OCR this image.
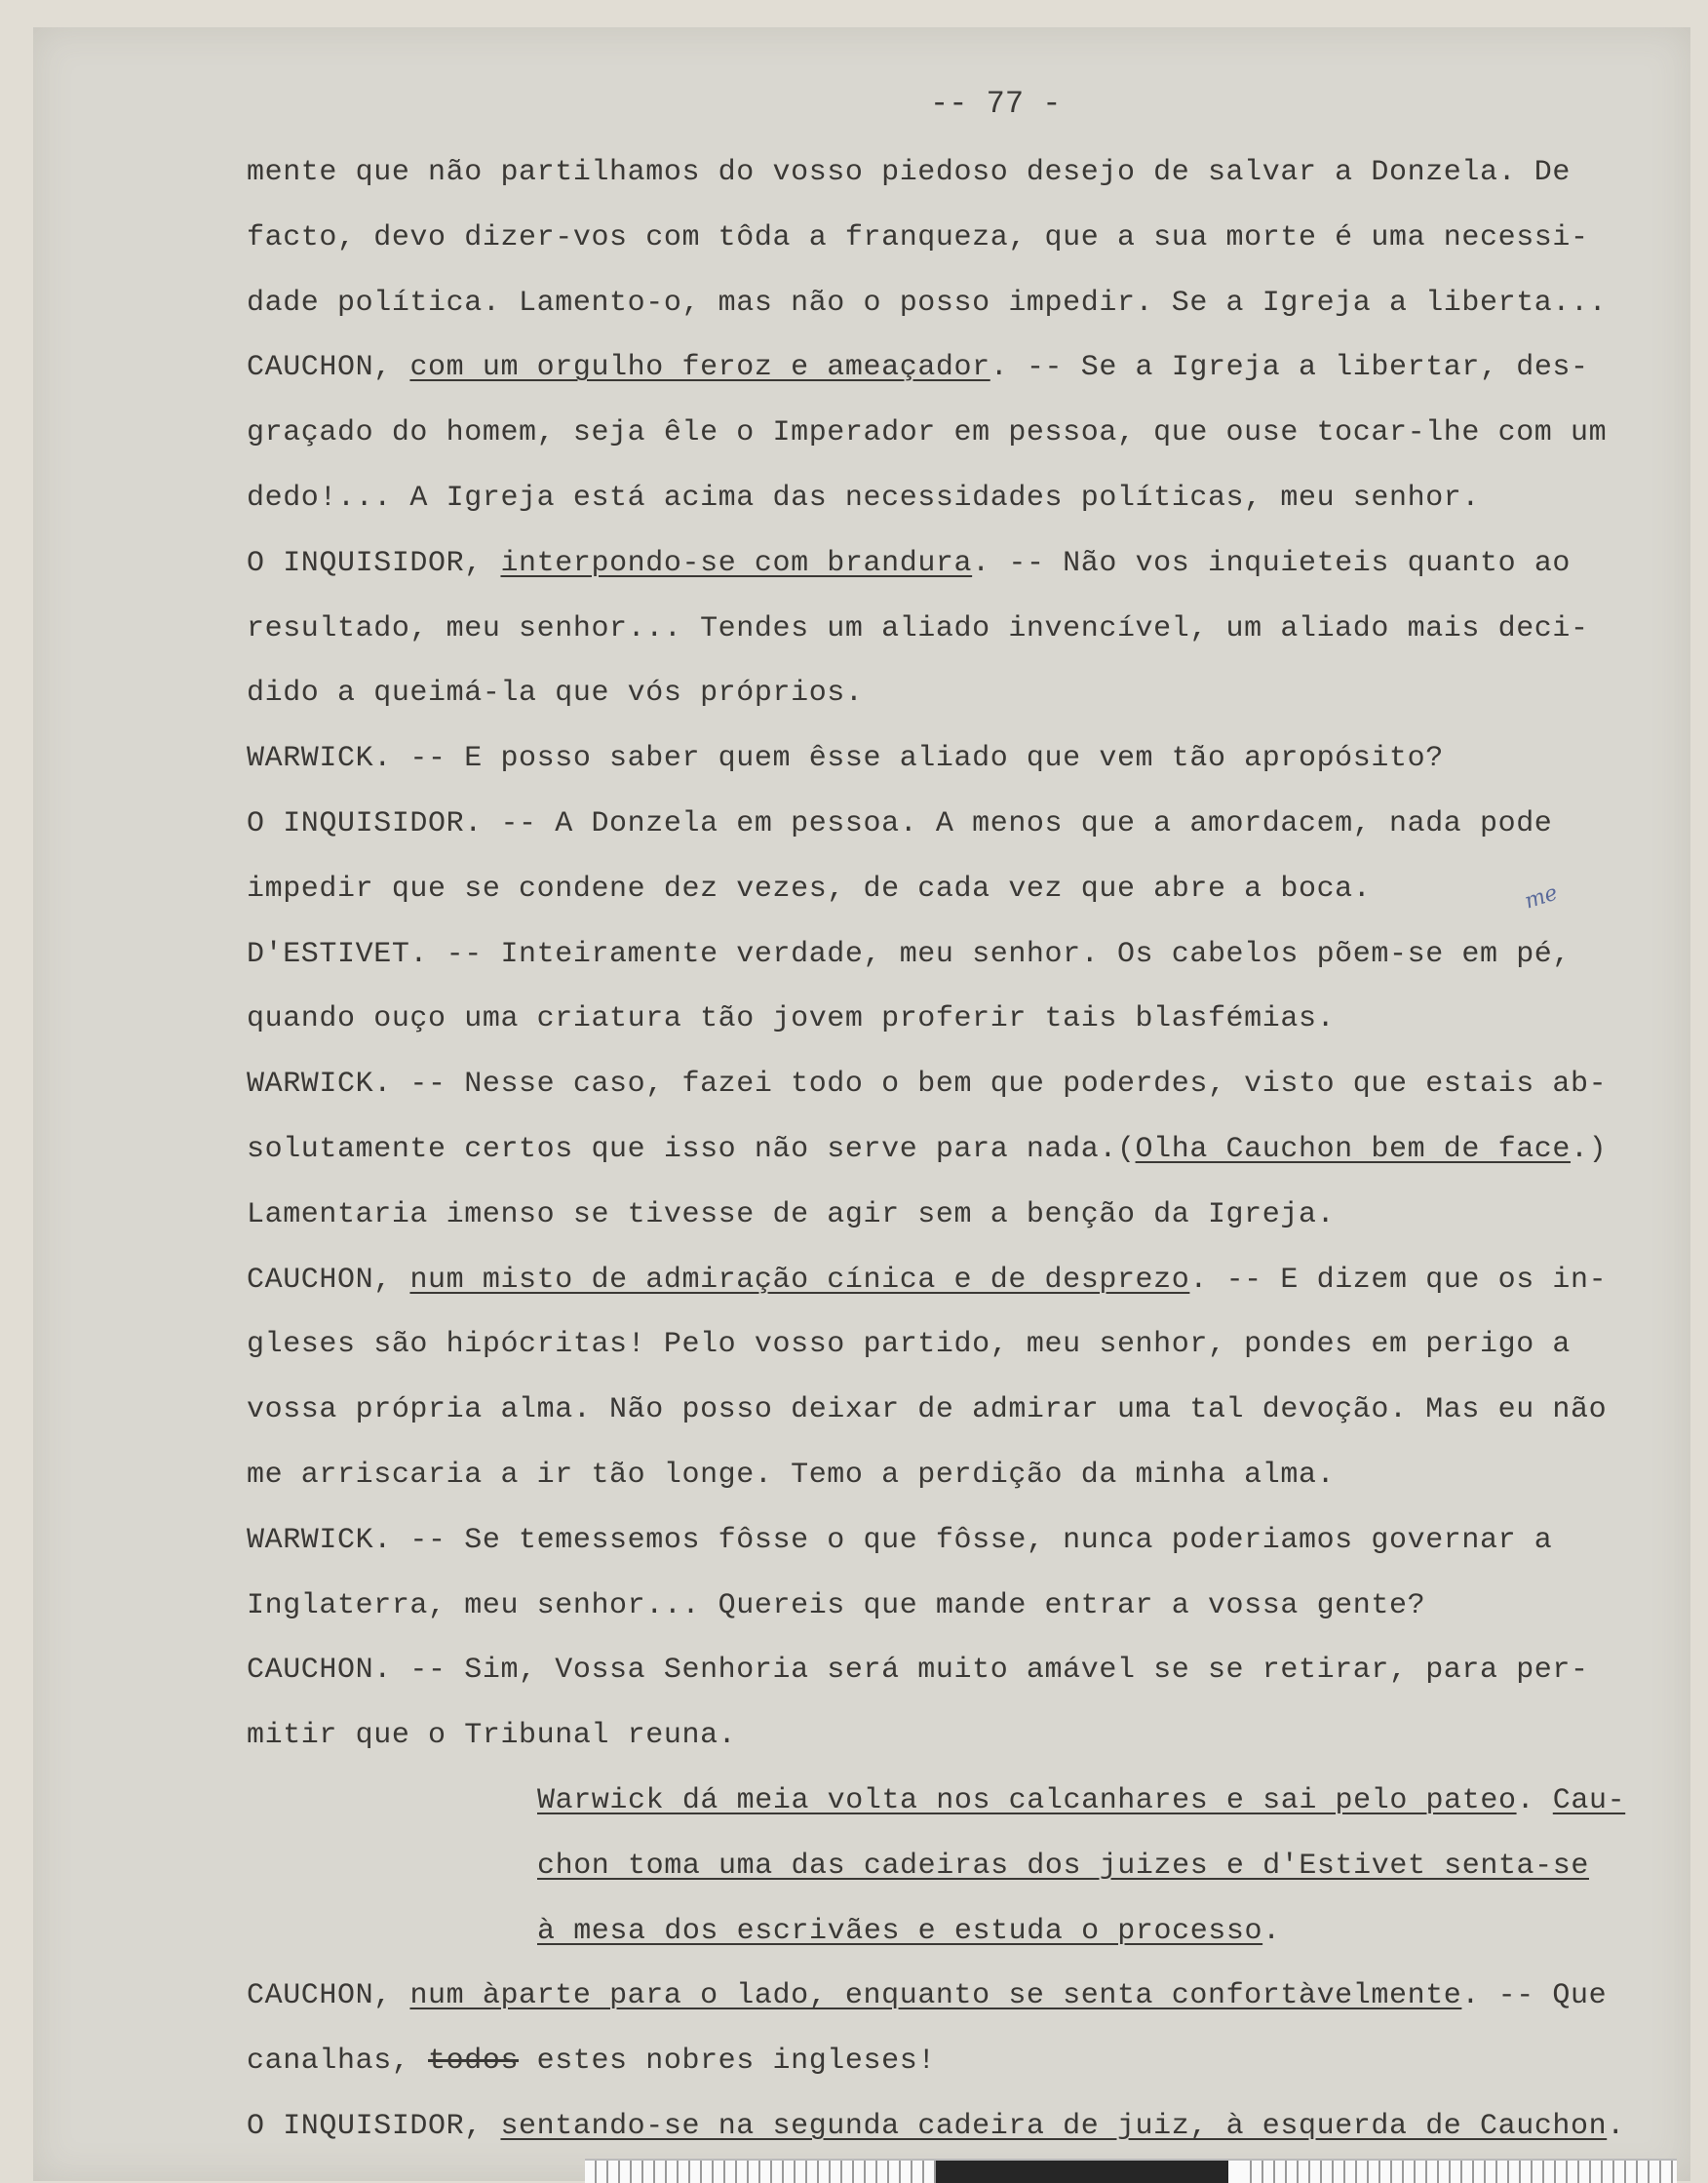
-- 77 -
mente que não partilhamos do vosso piedoso desejo de salvar a Donzela. De
facto, devo dizer-vos com tôda a franqueza, que a sua morte é uma necessi-
dade política. Lamento-o, mas não o posso impedir. Se a Igreja a liberta...
CAUCHON, com um orgulho feroz e ameaçador. -- Se a Igreja a libertar, des-
graçado do homem, seja êle o Imperador em pessoa, que ouse tocar-lhe com um
dedo!... A Igreja está acima das necessidades políticas, meu senhor.
O INQUISIDOR, interpondo-se com brandura. -- Não vos inquieteis quanto ao
resultado, meu senhor... Tendes um aliado invencível, um aliado mais deci-
dido a queimá-la que vós próprios.
WARWICK. -- E posso saber quem êsse aliado que vem tão apropósito?
O INQUISIDOR. -- A Donzela em pessoa. A menos que a amordacem, nada pode
impedir que se condene dez vezes, de cada vez que abre a boca.
D'ESTIVET. -- Inteiramente verdade, meu senhor. Os cabelos põem-se em pé,
quando ouço uma criatura tão jovem proferir tais blasfémias.
WARWICK. -- Nesse caso, fazei todo o bem que poderdes, visto que estais ab-
solutamente certos que isso não serve para nada.(Olha Cauchon bem de face.)
Lamentaria imenso se tivesse de agir sem a benção da Igreja.
CAUCHON, num misto de admiração cínica e de desprezo. -- E dizem que os in-
gleses são hipócritas! Pelo vosso partido, meu senhor, pondes em perigo a
vossa própria alma. Não posso deixar de admirar uma tal devoção. Mas eu não
me arriscaria a ir tão longe. Temo a perdição da minha alma.
WARWICK. -- Se temessemos fôsse o que fôsse, nunca poderiamos governar a
Inglaterra, meu senhor... Quereis que mande entrar a vossa gente?
CAUCHON. -- Sim, Vossa Senhoria será muito amável se se retirar, para per-
mitir que o Tribunal reuna.
Warwick dá meia volta nos calcanhares e sai pelo pateo. Cau-
chon toma uma das cadeiras dos juizes e d'Estivet senta-se
à mesa dos escrivães e estuda o processo.
CAUCHON, num àparte para o lado, enquanto se senta confortàvelmente. -- Que
canalhas, todos estes nobres ingleses!
O INQUISIDOR, sentando-se na segunda cadeira de juiz, à esquerda de Cauchon.
me
